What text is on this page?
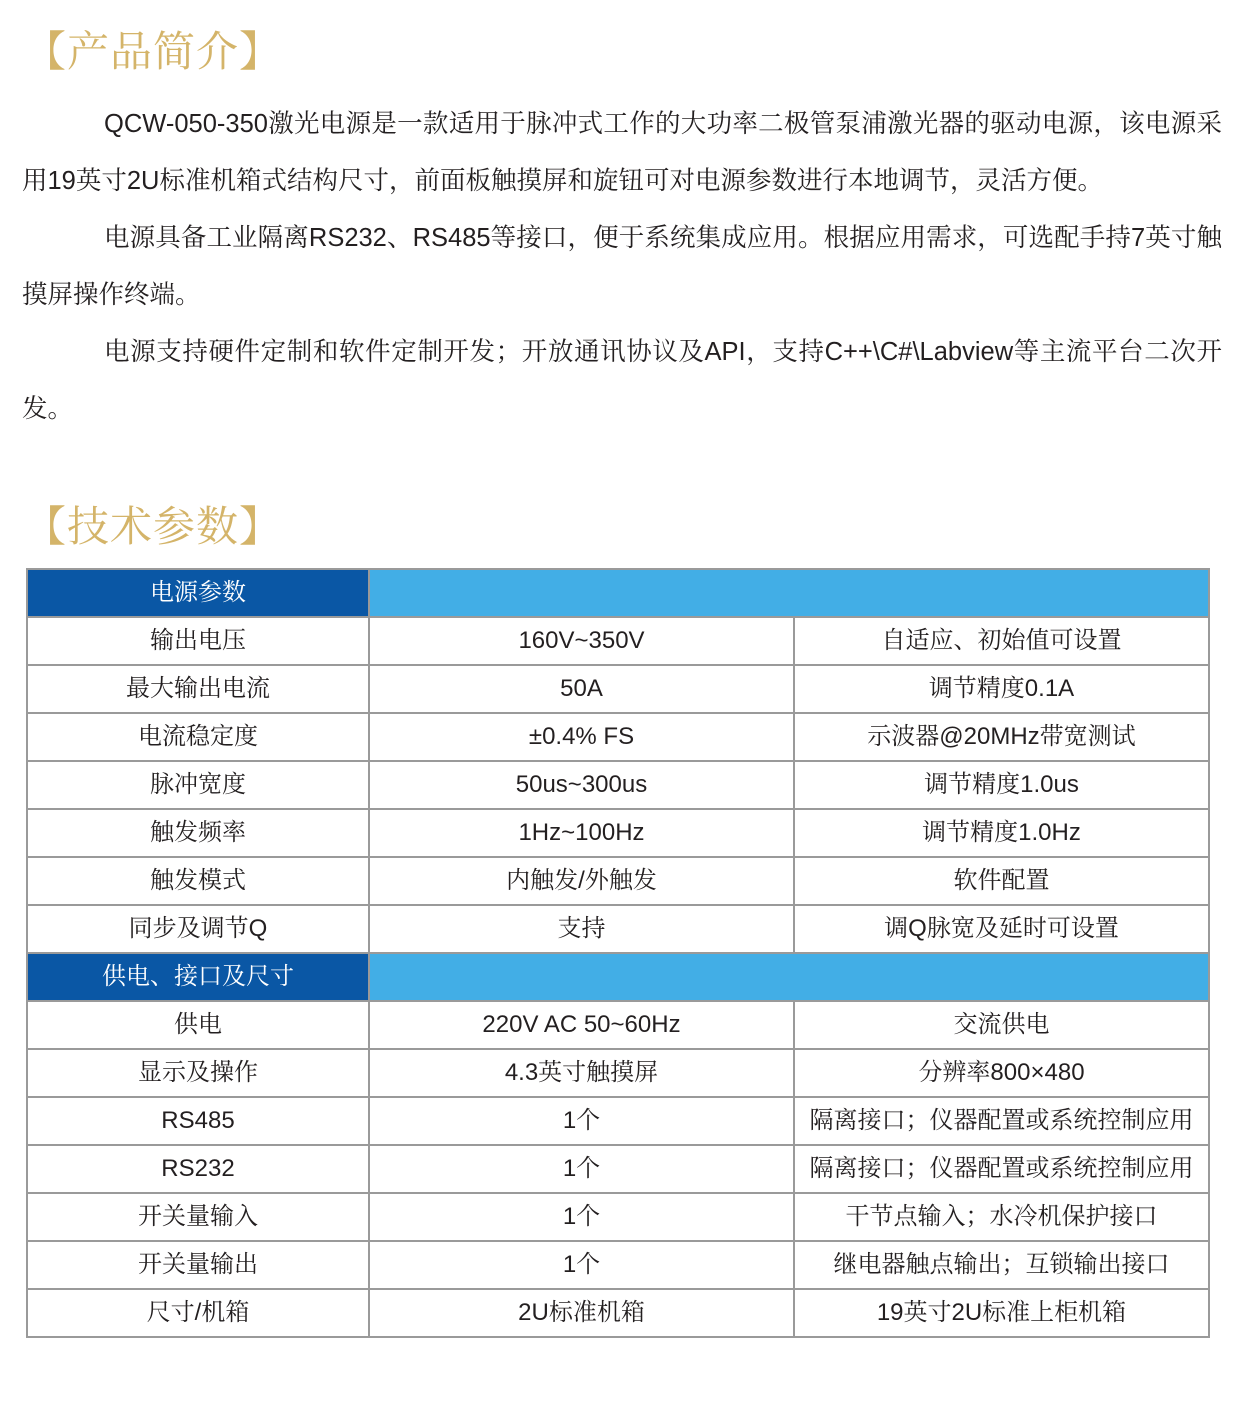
【产品简介】

QCW-050-350激光电源是一款适用于脉冲式工作的大功率二极管泵浦激光器的驱动电源，该电源采用19英寸2U标准机箱式结构尺寸，前面板触摸屏和旋钮可对电源参数进行本地调节，灵活方便。

电源具备工业隔离RS232、RS485等接口，便于系统集成应用。根据应用需求，可选配手持7英寸触摸屏操作终端。

电源支持硬件定制和软件定制开发；开放通讯协议及API，支持C++\C#\Labview等主流平台二次开发。

【技术参数】
电源参数		
输出电压	160V~350V	自适应、初始值可设置
最大输出电流	50A	调节精度0.1A
电流稳定度	±0.4% FS	示波器@20MHz带宽测试
脉冲宽度	50us~300us	调节精度1.0us
触发频率	1Hz~100Hz	调节精度1.0Hz
触发模式	内触发/外触发	软件配置
同步及调节Q	支持	调Q脉宽及延时可设置
供电、接口及尺寸		
供电	220V AC 50~60Hz	交流供电
显示及操作	4.3英寸触摸屏	分辨率800×480
RS485	1个	隔离接口；仪器配置或系统控制应用
RS232	1个	隔离接口；仪器配置或系统控制应用
开关量输入	1个	干节点输入；水冷机保护接口
开关量输出	1个	继电器触点输出；互锁输出接口
尺寸/机箱	2U标准机箱	19英寸2U标准上柜机箱
